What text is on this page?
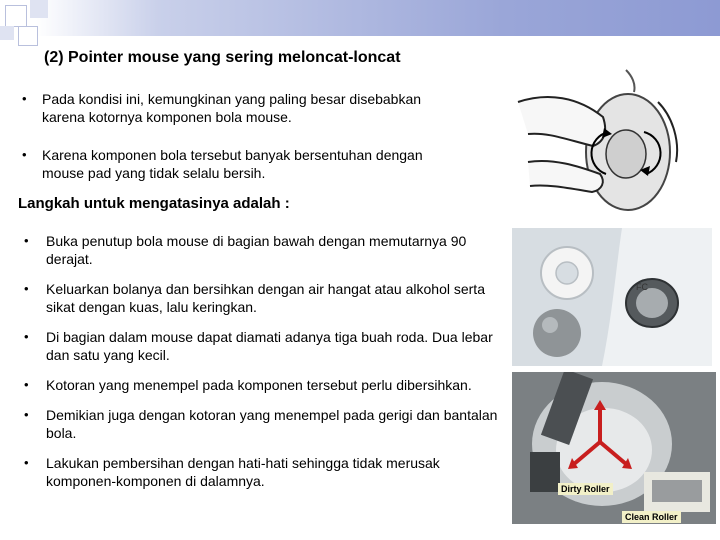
(2) Pointer mouse yang sering meloncat-loncat
•	Pada kondisi ini, kemungkinan yang paling besar disebabkan karena kotornya komponen bola mouse.
•	Karena komponen bola tersebut banyak bersentuhan dengan mouse pad yang tidak selalu bersih.
Langkah untuk mengatasinya adalah :
•	Buka penutup bola mouse di bagian bawah dengan memutarnya 90 derajat.
•	Keluarkan bolanya dan bersihkan dengan air hangat atau alkohol serta sikat dengan kuas, lalu keringkan.
•	Di bagian dalam mouse dapat diamati adanya tiga buah roda. Dua lebar dan satu yang kecil.
•	Kotoran yang menempel pada komponen tersebut perlu dibersihkan.
•	Demikian juga dengan kotoran yang menempel pada gerigi dan bantalan bola.
•	Lakukan pembersihan dengan hati-hati sehingga tidak merusak komponen-komponen di dalamnya.
FC
Dirty Roller
Clean Roller
